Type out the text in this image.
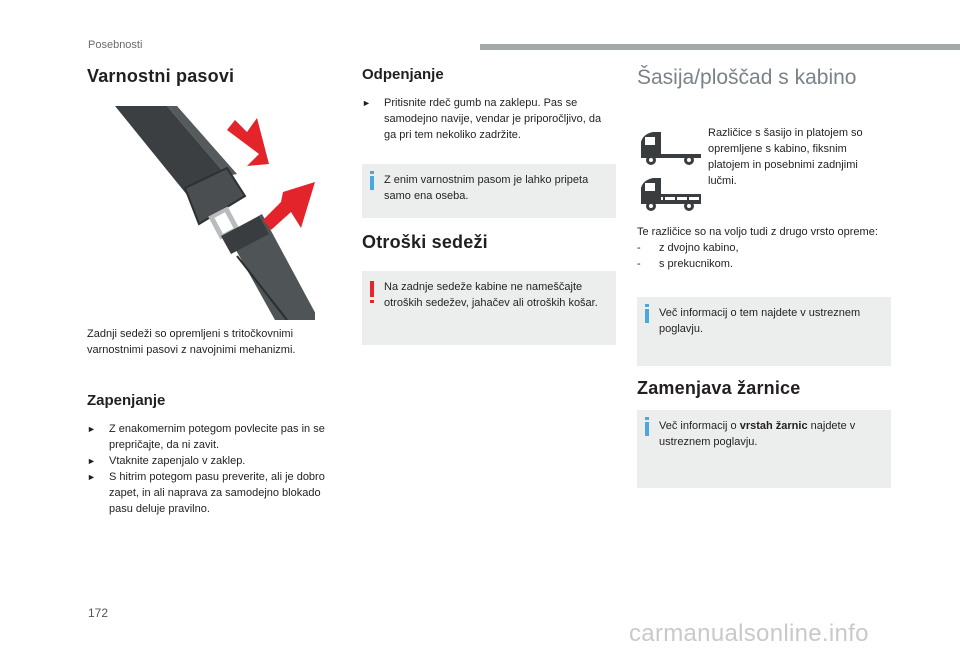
Posebnosti
Varnostni pasovi

Zadnji sedeži so opremljeni s tritočkovnimi varnostnimi pasovi z navojnimi mehanizmi.

Zapenjanje
► Z enakomernim potegom povlecite pas in se prepričajte, da ni zavit.
► Vtaknite zapenjalo v zaklep.
► S hitrim potegom pasu preverite, ali je dobro zapet, in ali naprava za samodejno blokado pasu deluje pravilno.
Odpenjanje
► Pritisnite rdeč gumb na zaklepu. Pas se samodejno navije, vendar je priporočljivo, da ga pri tem nekoliko zadržite.
Z enim varnostnim pasom je lahko pripeta samo ena oseba.
Otroški sedeži
Na zadnje sedeže kabine ne nameščajte otroških sedežev, jahačev ali otroških košar.
Šasija/ploščad s kabino

Različice s šasijo in platojem so opremljene s kabino, fiksnim platojem in posebnimi zadnjimi lučmi.

Te različice so na voljo tudi z drugo vrsto opreme:

- z dvojno kabino,
- s prekucnikom.
Več informacij o tem najdete v ustreznem poglavju.
Zamenjava žarnice
Več informacij o vrstah žarnic najdete v ustreznem poglavju.
172
carmanualsonline.info
